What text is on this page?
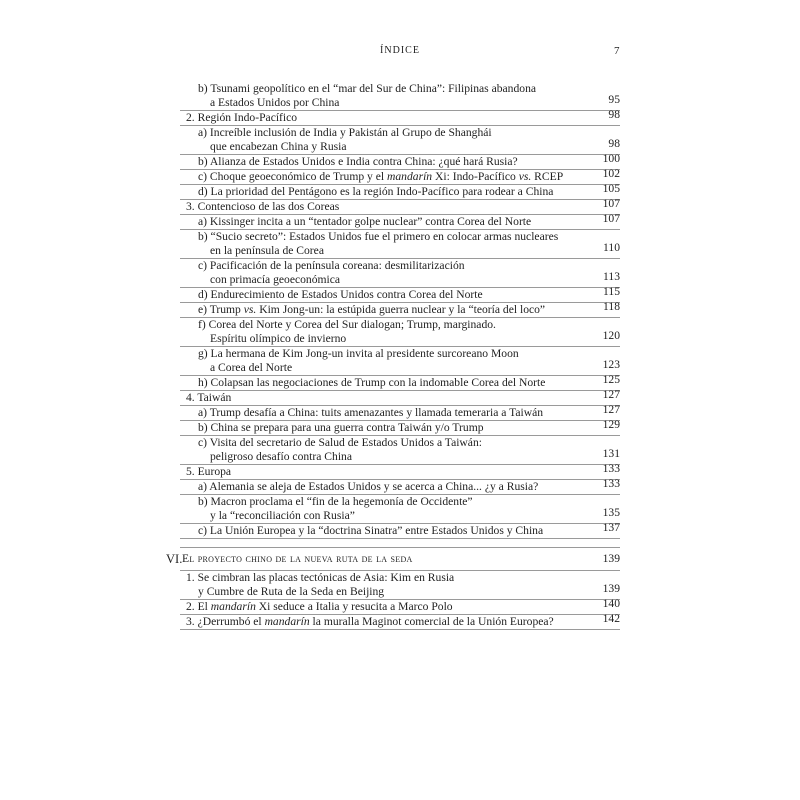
ÍNDICE	7
b) Tsunami geopolítico en el “mar del Sur de China”: Filipinas abandona
a Estados Unidos por China	95
2. Región Indo-Pacífico	98
a) Increíble inclusión de India y Pakistán al Grupo de Shanghái
que encabezan China y Rusia	98
b) Alianza de Estados Unidos e India contra China: ¿qué hará Rusia?	100
c) Choque geoeconómico de Trump y el mandarín Xi: Indo-Pacífico vs. RCEP	102
d) La prioridad del Pentágono es la región Indo-Pacífico para rodear a China	105
3. Contencioso de las dos Coreas	107
a) Kissinger incita a un “tentador golpe nuclear” contra Corea del Norte	107
b) “Sucio secreto”: Estados Unidos fue el primero en colocar armas nucleares
en la península de Corea	110
c) Pacificación de la península coreana: desmilitarización
con primacía geoeconómica	113
d) Endurecimiento de Estados Unidos contra Corea del Norte	115
e) Trump vs. Kim Jong-un: la estúpida guerra nuclear y la “teoría del loco”	118
f) Corea del Norte y Corea del Sur dialogan; Trump, marginado.
Espíritu olímpico de invierno	120
g) La hermana de Kim Jong-un invita al presidente surcoreano Moon
a Corea del Norte	123
h) Colapsan las negociaciones de Trump con la indomable Corea del Norte	125
4. Taiwán	127
a) Trump desafía a China: tuits amenazantes y llamada temeraria a Taiwán	127
b) China se prepara para una guerra contra Taiwán y/o Trump	129
c) Visita del secretario de Salud de Estados Unidos a Taiwán:
peligroso desafío contra China	131
5. Europa	133
a) Alemania se aleja de Estados Unidos y se acerca a China... ¿y a Rusia?	133
b) Macron proclama el “fin de la hegemonía de Occidente”
y la “reconciliación con Rusia”	135
c) La Unión Europea y la “doctrina Sinatra” entre Estados Unidos y China	137
VI. El proyecto chino de la nueva ruta de la seda	139
1. Se cimbran las placas tectónicas de Asia: Kim en Rusia
y Cumbre de Ruta de la Seda en Beijing	139
2. El mandarín Xi seduce a Italia y resucita a Marco Polo	140
3. ¿Derrumbó el mandarín la muralla Maginot comercial de la Unión Europea?	142
